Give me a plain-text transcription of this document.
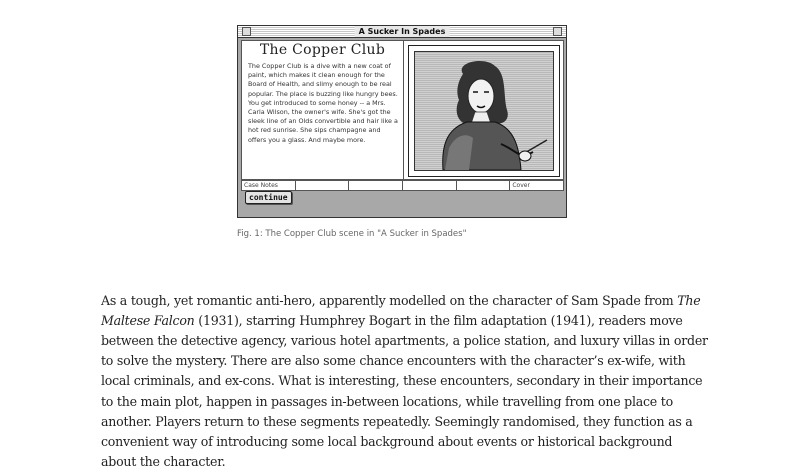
A Sucker In Spades
The Copper Club
The Copper Club is a dive with a new coat of paint, which makes it clean enough for the Board of Health, and slimy enough to be real popular. The place is buzzing like hungry bees. You get introduced to some honey -- a Mrs. Carla Wilson, the owner's wife. She's got the sleek line of an Olds convertible and hair like a hot red sunrise. She sips champagne and offers you a glass. And maybe more.
Case Notes	Cover
continue
Fig. 1: The Copper Club scene in "A Sucker in Spades"

As a tough, yet romantic anti-hero, apparently modelled on the character of Sam Spade from The Maltese Falcon (1931), starring Humphrey Bogart in the film adaptation (1941), readers move between the detective agency, various hotel apartments, a police station, and luxury villas in order to solve the mystery. There are also some chance encounters with the character’s ex-wife, with local criminals, and ex-cons. What is interesting, these encounters, secondary in their importance to the main plot, happen in passages in-between locations, while travelling from one place to another. Players return to these segments repeatedly. Seemingly randomised, they function as a convenient way of introducing some local background about events or historical background about the character.
